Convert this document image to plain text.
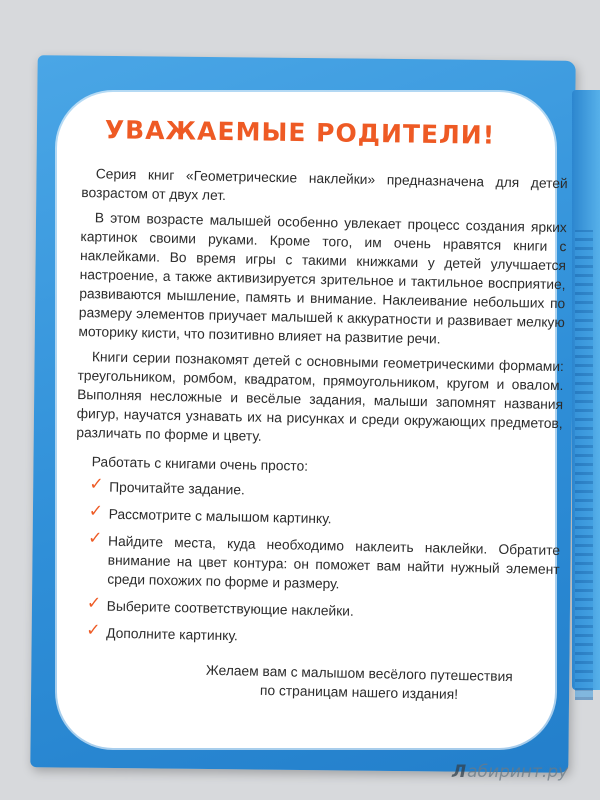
УВАЖАЕМЫЕ РОДИТЕЛИ!

Серия книг «Геометрические наклейки» предназначена для детей возрастом от двух лет.

В этом возрасте малышей особенно увлекает процесс создания ярких картинок своими руками. Кроме того, им очень нравятся книги с наклейками. Во время игры с такими книжками у детей улучшается настроение, а также активизируется зрительное и тактильное восприятие, развиваются мышление, память и внимание. Наклеивание небольших по размеру элементов приучает малышей к аккуратности и развивает мелкую моторику кисти, что позитивно влияет на развитие речи.

Книги серии познакомят детей с основными геометрическими формами: треугольником, ромбом, квадратом, прямоугольником, кругом и овалом. Выполняя несложные и весёлые задания, малыши запомнят названия фигур, научатся узнавать их на рисунках и среди окружающих предметов, различать по форме и цвету.

Работать с книгами очень просто:
✓ Прочитайте задание.
✓ Рассмотрите с малышом картинку.
✓ Найдите места, куда необходимо наклеить наклейки. Обратите внимание на цвет контура: он поможет вам найти нужный элемент среди похожих по форме и размеру.
✓ Выберите соответствующие наклейки.
✓ Дополните картинку.
Желаем вам с малышом весёлого путешествия
по страницам нашего издания!
Лабиринт.ру
